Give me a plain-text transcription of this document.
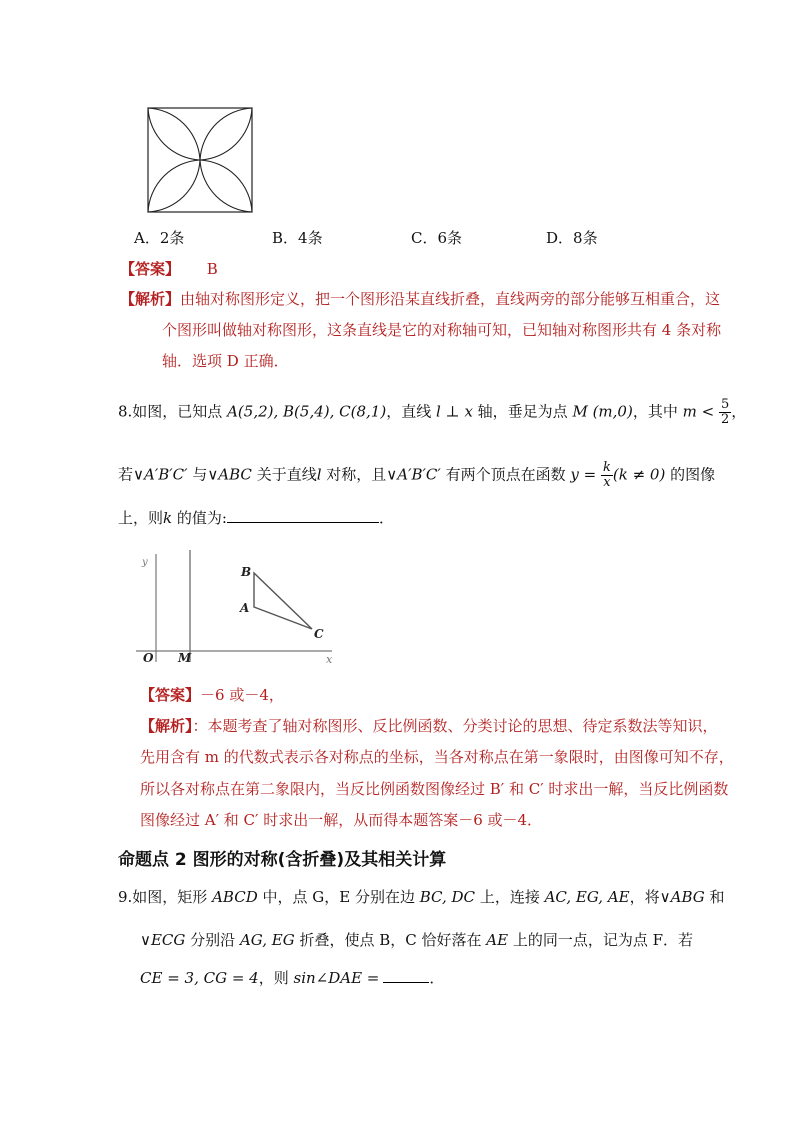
A．2条	B．4条	C．6条	D．8条
【答案】 B
【解析】由轴对称图形定义，把一个图形沿某直线折叠，直线两旁的部分能够互相重合，这
个图形叫做轴对称图形，这条直线是它的对称轴可知，已知轴对称图形共有 4 条对称
轴．选项 D 正确．
8.如图，已知点 A(5,2), B(5,4), C(8,1)，直线 l ⊥ x 轴，垂足为点 M (m,0)，其中 $m < \frac{5}{2}$ ，
若∨A′B′C′ 与∨ABC 关于直线l 对称，且∨A′B′C′ 有两个顶点在函数 $y = \frac{k}{x} (k \ne 0)$ 的图像
上，则k 的值为:	．
y
x
O M
A
B
C
【答案】－6 或－4，
【解析】：本题考查了轴对称图形、反比例函数、分类讨论的思想、待定系数法等知识，
先用含有 m 的代数式表示各对称点的坐标，当各对称点在第一象限时，由图像可知不存，
所以各对称点在第二象限内，当反比例函数图像经过 B′ 和 C′ 时求出一解，当反比例函数
图像经过 A′ 和 C′ 时求出一解，从而得本题答案－6 或－4．
命题点 2 图形的对称(含折叠)及其相关计算
9.如图，矩形 ABCD 中，点 G，E 分别在边 BC, DC 上，连接 AC, EG, AE，将∨ABG 和
∨ECG 分别沿 AG, EG 折叠，使点 B，C 恰好落在 AE 上的同一点，记为点 F．若
CE = 3, CG = 4，则 sin∠DAE =	．
